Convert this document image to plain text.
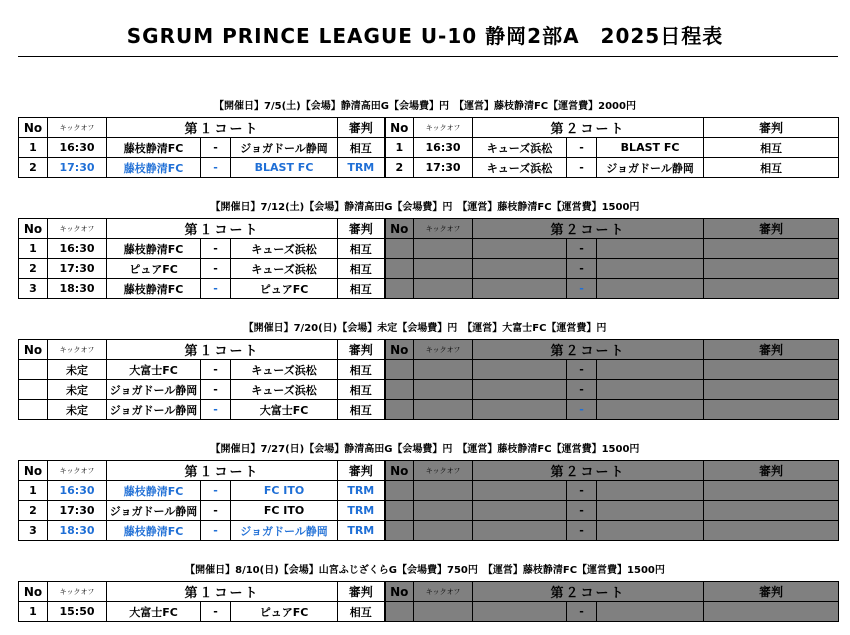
SGRUM PRINCE LEAGUE U-10 静岡2部A　2025日程表
【開催日】7/5(土)【会場】静清高田G【会場費】円　【運営】藤枝静清FC【運営費】2000円
No	キックオフ	第１コート			審判	No	キックオフ	第２コート			審判
1	16:30	藤枝静清FC	-	ジョガドール静岡	相互	1	16:30	キューズ浜松	-	BLAST FC	相互
2	17:30	藤枝静清FC	-	BLAST FC	TRM	2	17:30	キューズ浜松	-	ジョガドール静岡	相互
【開催日】7/12(土)【会場】静清高田G【会場費】円　【運営】藤枝静清FC【運営費】1500円
No	キックオフ	第１コート			審判	No	キックオフ	第２コート			審判
1	16:30	藤枝静清FC	-	キューズ浜松	相互				-		
2	17:30	ピュアFC	-	キューズ浜松	相互				-		
3	18:30	藤枝静清FC	-	ピュアFC	相互				-		
【開催日】7/20(日)【会場】未定【会場費】円　【運営】大富士FC【運営費】円
No	キックオフ	第１コート			審判	No	キックオフ	第２コート			審判
	未定	大富士FC	-	キューズ浜松	相互				-		
	未定	ジョガドール静岡	-	キューズ浜松	相互				-		
	未定	ジョガドール静岡	-	大富士FC	相互				-		
【開催日】7/27(日)【会場】静清高田G【会場費】円　【運営】藤枝静清FC【運営費】1500円
No	キックオフ	第１コート			審判	No	キックオフ	第２コート			審判
1	16:30	藤枝静清FC	-	FC ITO	TRM				-		
2	17:30	ジョガドール静岡	-	FC ITO	TRM				-		
3	18:30	藤枝静清FC	-	ジョガドール静岡	TRM				-		
【開催日】8/10(日)【会場】山宮ふじざくらG【会場費】750円　【運営】藤枝静清FC【運営費】1500円
No	キックオフ	第１コート			審判	No	キックオフ	第２コート			審判
1	15:50	大富士FC	-	ピュアFC	相互				-		
